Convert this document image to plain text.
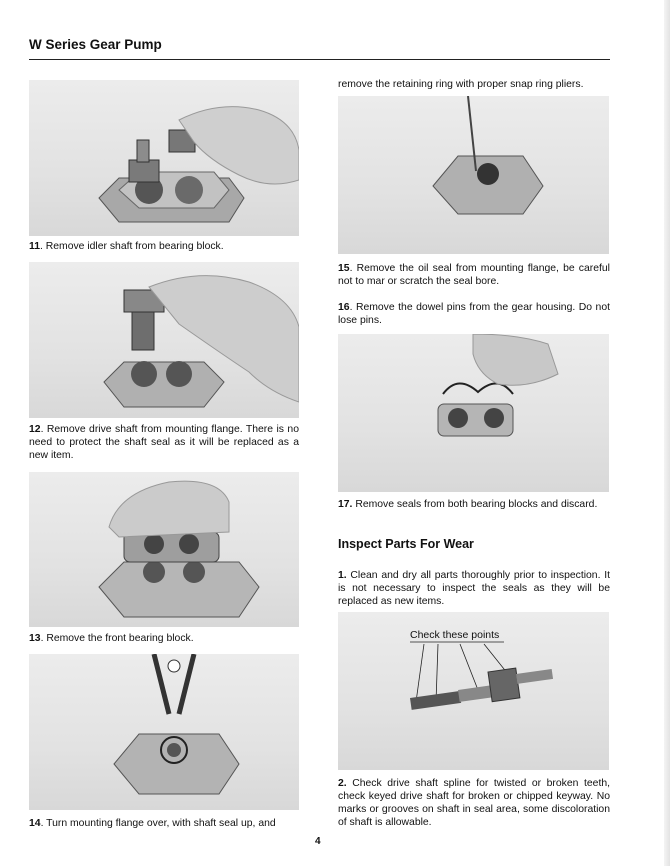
W Series Gear Pump
11. Remove idler shaft from bearing block.
12. Remove drive shaft from mounting flange. There is no need to protect the shaft seal as it will be replaced as a new item.
13. Remove the front bearing block.
14. Turn mounting flange over, with shaft seal up, and
remove the retaining ring with proper snap ring pliers.
15. Remove the oil seal from mounting flange, be careful not to mar or scratch the seal bore.
16. Remove the dowel pins from the gear housing. Do not lose pins.
17. Remove seals from both bearing blocks and discard.
Inspect Parts For Wear
1. Clean and dry all parts thoroughly prior to inspection. It is not necessary to inspect the seals as they will be replaced as new items.
Check these points
2. Check drive shaft spline for twisted or broken teeth, check keyed drive shaft for broken or chipped keyway. No marks or grooves on shaft in seal area, some discoloration of shaft is allowable.
4
